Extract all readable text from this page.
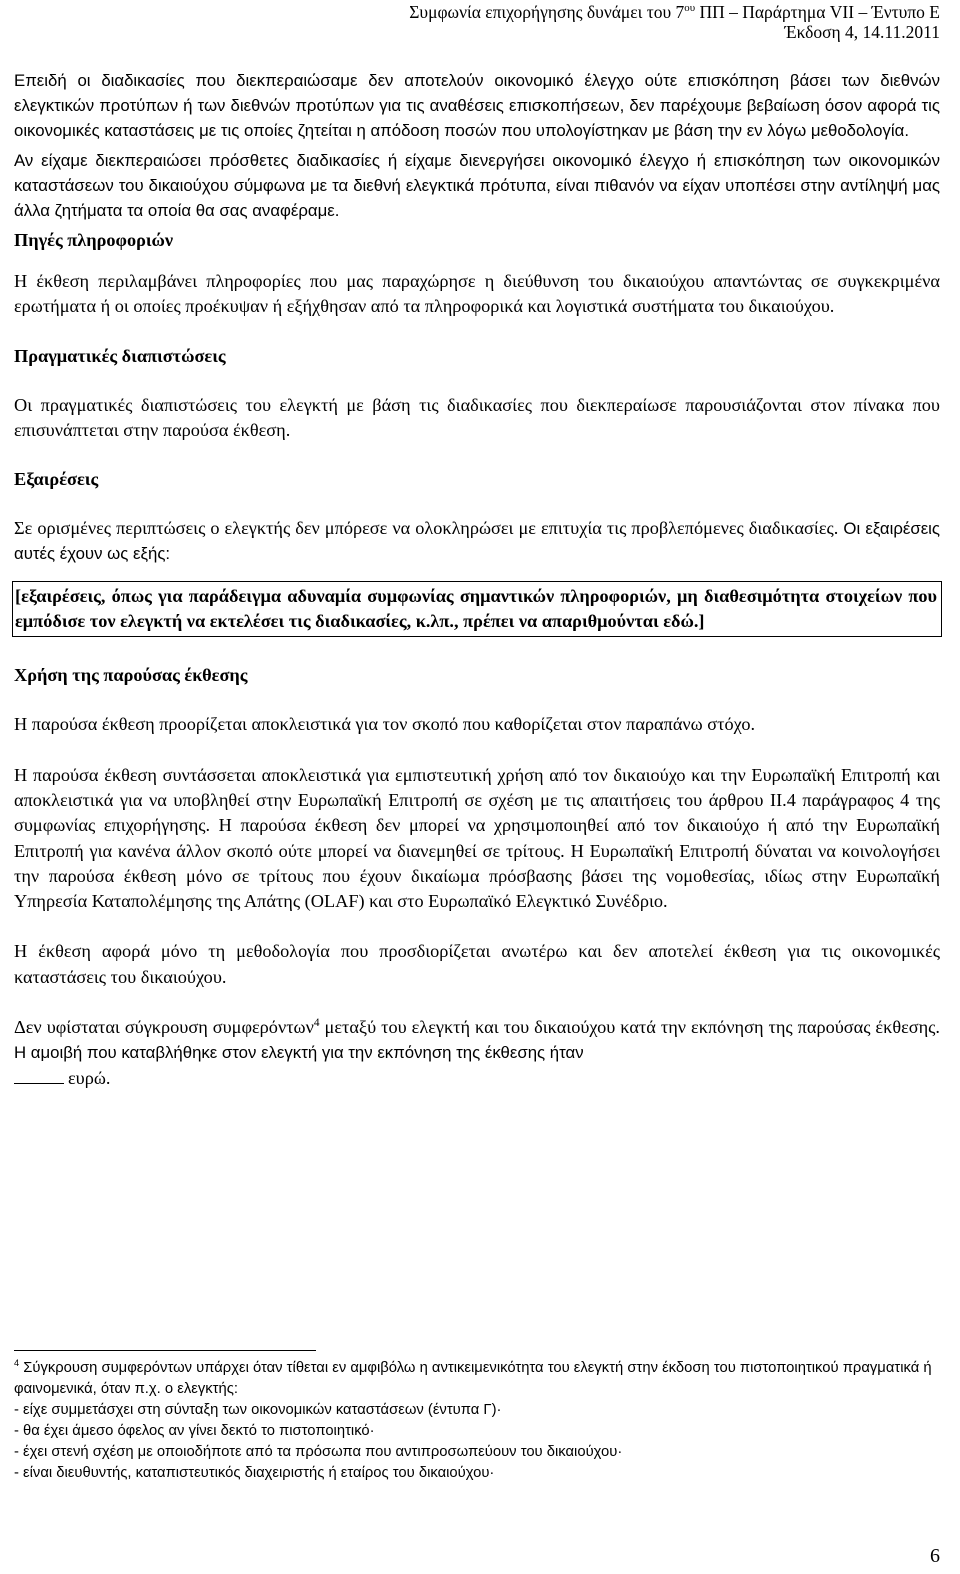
Συμφωνία επιχορήγησης δυνάμει του $7^{o\upsilon}$ ΠΠ – Παράρτημα VII – Έντυπο Ε
Έκδοση 4, 14.11.2011

Επειδή οι διαδικασίες που διεκπεραιώσαμε δεν αποτελούν οικονομικό έλεγχο ούτε επισκόπηση βάσει των διεθνών ελεγκτικών προτύπων ή των διεθνών προτύπων για τις αναθέσεις επισκοπήσεων, δεν παρέχουμε βεβαίωση όσον αφορά τις οικονομικές καταστάσεις με τις οποίες ζητείται η απόδοση ποσών που υπολογίστηκαν με βάση την εν λόγω μεθοδολογία.

Αν είχαμε διεκπεραιώσει πρόσθετες διαδικασίες ή είχαμε διενεργήσει οικονομικό έλεγχο ή επισκόπηση των οικονομικών καταστάσεων του δικαιούχου σύμφωνα με τα διεθνή ελεγκτικά πρότυπα, είναι πιθανόν να είχαν υποπέσει στην αντίληψή μας άλλα ζητήματα τα οποία θα σας αναφέραμε.

Πηγές πληροφοριών

Η έκθεση περιλαμβάνει πληροφορίες που μας παραχώρησε η διεύθυνση του δικαιούχου απαντώντας σε συγκεκριμένα ερωτήματα ή οι οποίες προέκυψαν ή εξήχθησαν από τα πληροφορικά και λογιστικά συστήματα του δικαιούχου.

Πραγματικές διαπιστώσεις

Οι πραγματικές διαπιστώσεις του ελεγκτή με βάση τις διαδικασίες που διεκπεραίωσε παρουσιάζονται στον πίνακα που επισυνάπτεται στην παρούσα έκθεση.

Εξαιρέσεις

Σε ορισμένες περιπτώσεις ο ελεγκτής δεν μπόρεσε να ολοκληρώσει με επιτυχία τις προβλεπόμενες διαδικασίες. Οι εξαιρέσεις αυτές έχουν ως εξής:

[εξαιρέσεις, όπως για παράδειγμα αδυναμία συμφωνίας σημαντικών πληροφοριών, μη διαθεσιμότητα στοιχείων που εμπόδισε τον ελεγκτή να εκτελέσει τις διαδικασίες, κ.λπ., πρέπει να απαριθμούνται εδώ.]

Χρήση της παρούσας έκθεσης

Η παρούσα έκθεση προορίζεται αποκλειστικά για τον σκοπό που καθορίζεται στον παραπάνω στόχο.

Η παρούσα έκθεση συντάσσεται αποκλειστικά για εμπιστευτική χρήση από τον δικαιούχο και την Ευρωπαϊκή Επιτροπή και αποκλειστικά για να υποβληθεί στην Ευρωπαϊκή Επιτροπή σε σχέση με τις απαιτήσεις του άρθρου II.4 παράγραφος 4 της συμφωνίας επιχορήγησης. Η παρούσα έκθεση δεν μπορεί να χρησιμοποιηθεί από τον δικαιούχο ή από την Ευρωπαϊκή Επιτροπή για κανένα άλλον σκοπό ούτε μπορεί να διανεμηθεί σε τρίτους. Η Ευρωπαϊκή Επιτροπή δύναται να κοινολογήσει την παρούσα έκθεση μόνο σε τρίτους που έχουν δικαίωμα πρόσβασης βάσει της νομοθεσίας, ιδίως στην Ευρωπαϊκή Υπηρεσία Καταπολέμησης της Απάτης (OLAF) και στο Ευρωπαϊκό Ελεγκτικό Συνέδριο.

Η έκθεση αφορά μόνο τη μεθοδολογία που προσδιορίζεται ανωτέρω και δεν αποτελεί έκθεση για τις οικονομικές καταστάσεις του δικαιούχου.

Δεν υφίσταται σύγκρουση συμφερόντων$^4$ μεταξύ του ελεγκτή και του δικαιούχου κατά την εκπόνηση της παρούσας έκθεσης. Η αμοιβή που καταβλήθηκε στον ελεγκτή για την εκπόνηση της έκθεσης ήταν
ευρώ.

$^4$ Σύγκρουση συμφερόντων υπάρχει όταν τίθεται εν αμφιβόλω η αντικειμενικότητα του ελεγκτή στην έκδοση του πιστοποιητικού πραγματικά ή φαινομενικά, όταν π.χ. ο ελεγκτής:

- είχε συμμετάσχει στη σύνταξη των οικονομικών καταστάσεων (έντυπα Γ)·

- θα έχει άμεσο όφελος αν γίνει δεκτό το πιστοποιητικό·

- έχει στενή σχέση με οποιοδήποτε από τα πρόσωπα που αντιπροσωπεύουν του δικαιούχου·

- είναι διευθυντής, καταπιστευτικός διαχειριστής ή εταίρος του δικαιούχου·

6
